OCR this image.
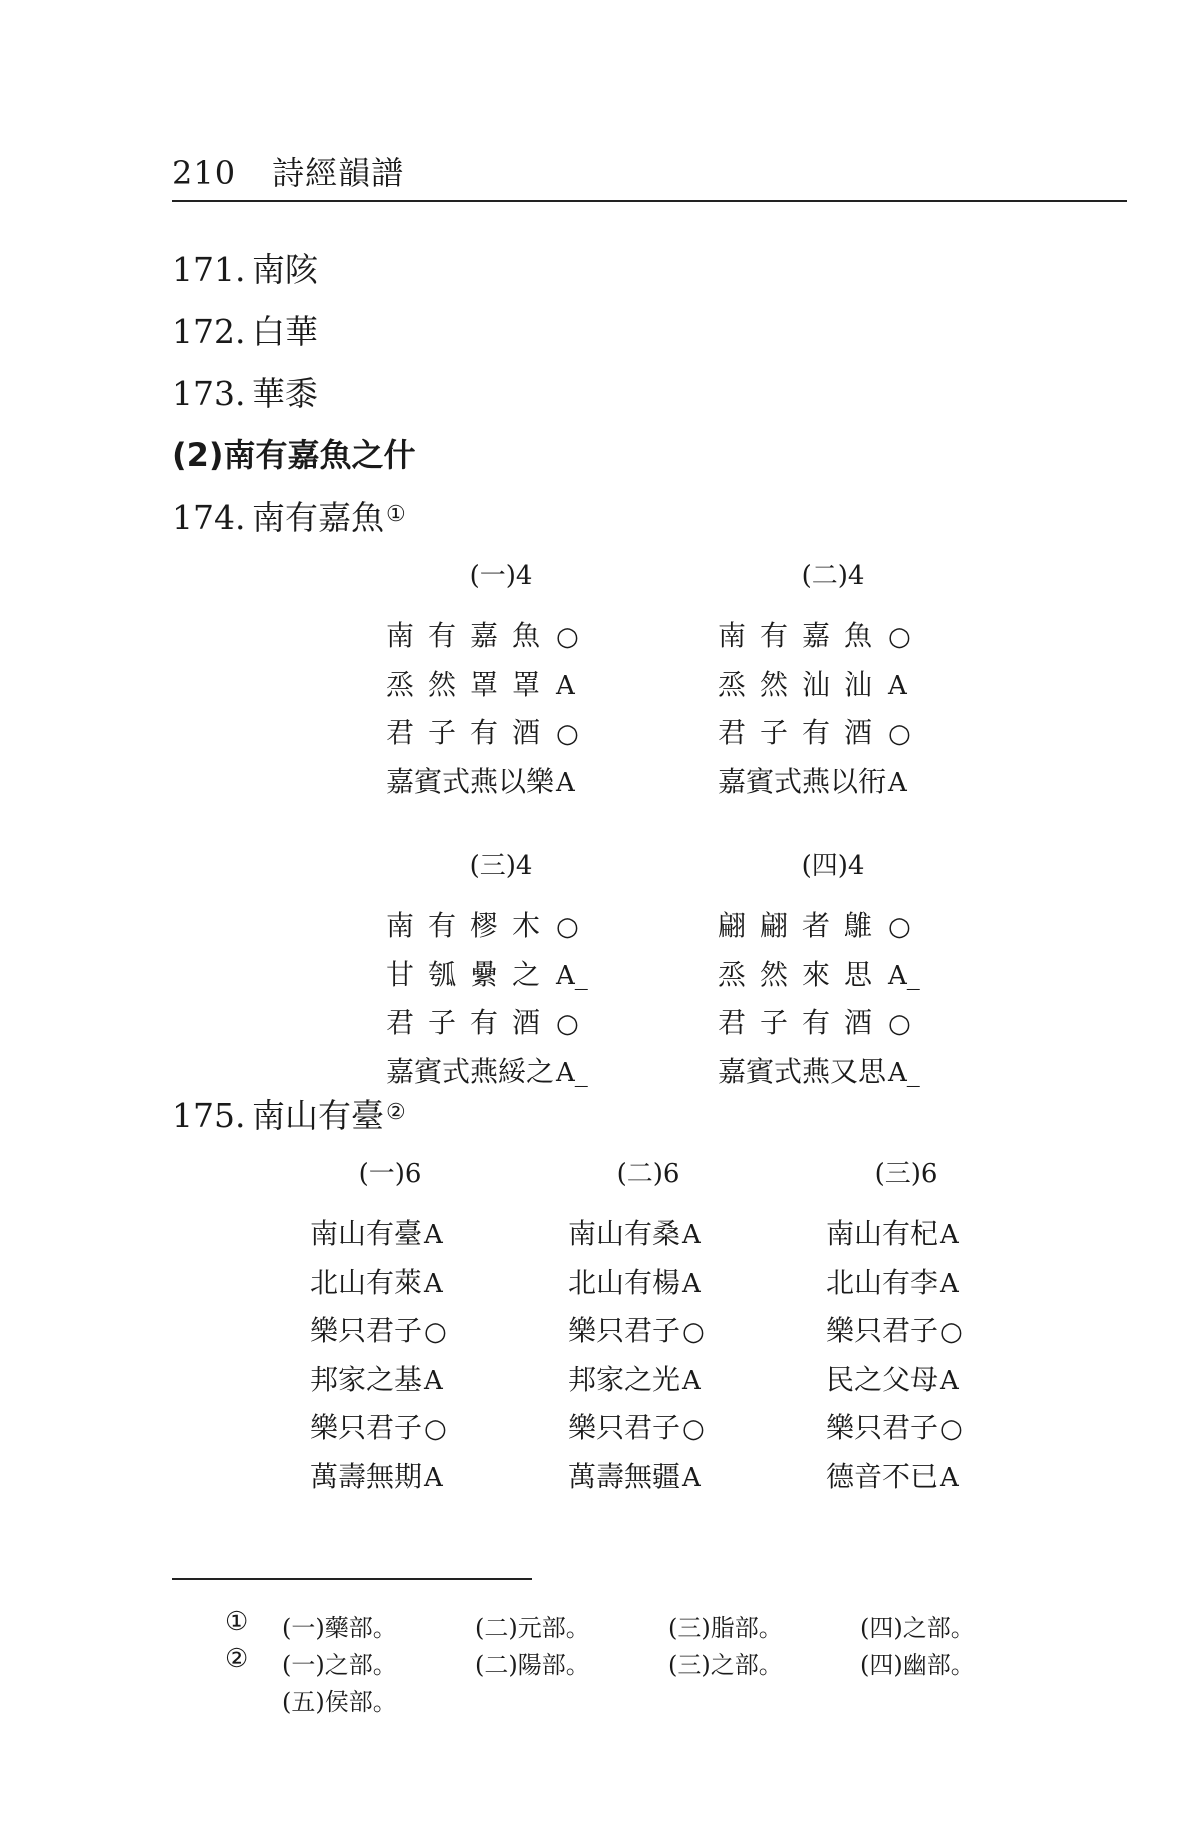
210 詩經韻譜
171. 南陔
172. 白華
173. 華黍
(2)南有嘉魚之什
174. 南有嘉魚①
(一)4
南有嘉魚○
烝然罩罩A
君子有酒○
嘉賓式燕以樂A
(二)4
南有嘉魚○
烝然汕汕A
君子有酒○
嘉賓式燕以衎A
(三)4
南有樛木○
甘瓠纍之A_
君子有酒○
嘉賓式燕綏之A_
(四)4
翩翩者鵻○
烝然來思A_
君子有酒○
嘉賓式燕又思A_
175. 南山有臺②
(一)6
南山有臺A
北山有萊A
樂只君子○
邦家之基A
樂只君子○
萬壽無期A
(二)6
南山有桑A
北山有楊A
樂只君子○
邦家之光A
樂只君子○
萬壽無疆A
(三)6
南山有杞A
北山有李A
樂只君子○
民之父母A
樂只君子○
德音不已A
① (一)藥部。	(二)元部。	(三)脂部。	(四)之部。
② (一)之部。	(二)陽部。	(三)之部。	(四)幽部。
(五)侯部。
